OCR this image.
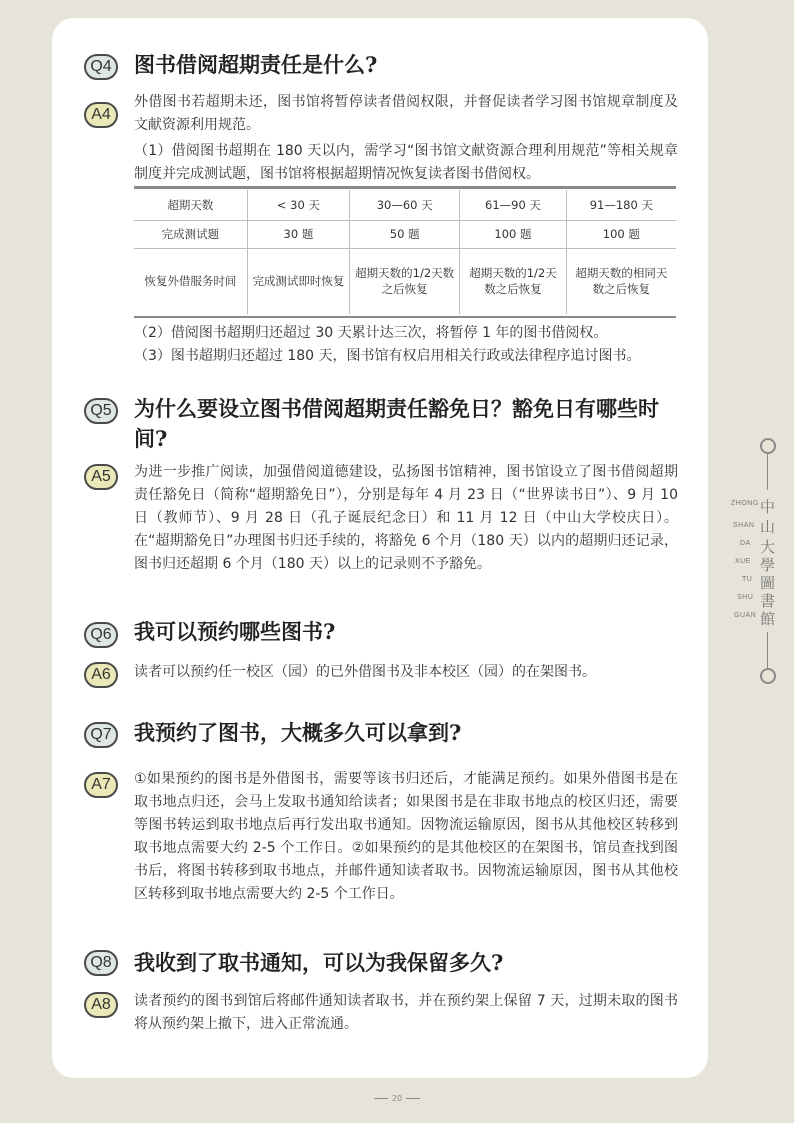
Q4	图书借阅超期责任是什么?
A4
外借图书若超期未还，图书馆将暂停读者借阅权限，并督促读者学习图书馆规章制度及文献资源利用规范。
（1）借阅图书超期在 180 天以内，需学习“图书馆文献资源合理利用规范”等相关规章制度并完成测试题，图书馆将根据超期情况恢复读者图书借阅权。
超期天数	< 30 天	30—60 天	61—90 天	91—180 天
完成测试题	30 题	50 题	100 题	100 题
恢复外借服务时间	完成测试即时恢复	超期天数的1/2天数之后恢复	超期天数的1/2天数之后恢复	超期天数的相同天数之后恢复
（2）借阅图书超期归还超过 30 天累计达三次，将暂停 1 年的图书借阅权。
（3）图书超期归还超过 180 天，图书馆有权启用相关行政或法律程序追讨图书。
Q5	为什么要设立图书借阅超期责任豁免日？豁免日有哪些时间?
A5	为进一步推广阅读，加强借阅道德建设，弘扬图书馆精神，图书馆设立了图书借阅超期责任豁免日（简称“超期豁免日”），分别是每年 4 月 23 日（“世界读书日”）、9 月 10 日（教师节）、9 月 28 日（孔子诞辰纪念日）和 11 月 12 日（中山大学校庆日）。在“超期豁免日”办理图书归还手续的，将豁免 6 个月（180 天）以内的超期归还记录，图书归还超期 6 个月（180 天）以上的记录则不予豁免。
Q6	我可以预约哪些图书?
A6	读者可以预约任一校区（园）的已外借图书及非本校区（园）的在架图书。
Q7	我预约了图书，大概多久可以拿到?
A7	①如果预约的图书是外借图书，需要等该书归还后，才能满足预约。如果外借图书是在取书地点归还，会马上发取书通知给读者；如果图书是在非取书地点的校区归还，需要等图书转运到取书地点后再行发出取书通知。因物流运输原因，图书从其他校区转移到取书地点需要大约 2-5 个工作日。②如果预约的是其他校区的在架图书，馆员查找到图书后，将图书转移到取书地点，并邮件通知读者取书。因物流运输原因，图书从其他校区转移到取书地点需要大约 2-5 个工作日。
Q8	我收到了取书通知，可以为我保留多久?
A8	读者预约的图书到馆后将邮件通知读者取书，并在预约架上保留 7 天，过期未取的图书将从预约架上撤下，进入正常流通。
ZHONG
SHAN
DA
XUE
TU
SHU
GUAN
中
山
大
學
圖
書
館
20
